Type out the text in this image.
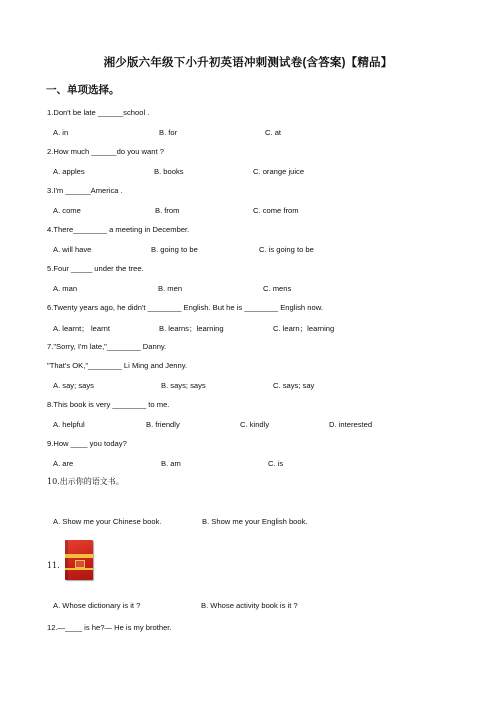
湘少版六年级下小升初英语冲刺测试卷(含答案)【精品】
一、单项选择。
1.Don't be late ______school .
A. in	B. for	C. at
2.How much ______do you want ?
A. apples	B. books	C. orange juice
3.I'm ______America .
A. come	B. from	C. come from
4.There________ a meeting in December.
A. will have	B. going to be	C. is going to be
5.Four _____ under the tree.
A. man	B. men	C. mens
6.Twenty years ago, he didn't ________ English. But he is ________ English now.
A. learnt； learnt	B. learns；learning	C. learn；learning
7."Sorry, I'm late,"________ Danny.
"That's OK,"________ Li Ming and Jenny.
A. say; says	B. says; says	C. says; say
8.This book is very ________ to me.
A. helpful	B. friendly	C. kindly	D. interested
9.How ____ you today?
A. are	B. am	C. is
10.出示你的语文书。
A. Show me your Chinese book.	B. Show me your English book.
11.
A. Whose dictionary is it ?	B. Whose activity book is it ?
12.—____ is he?— He is my brother.
